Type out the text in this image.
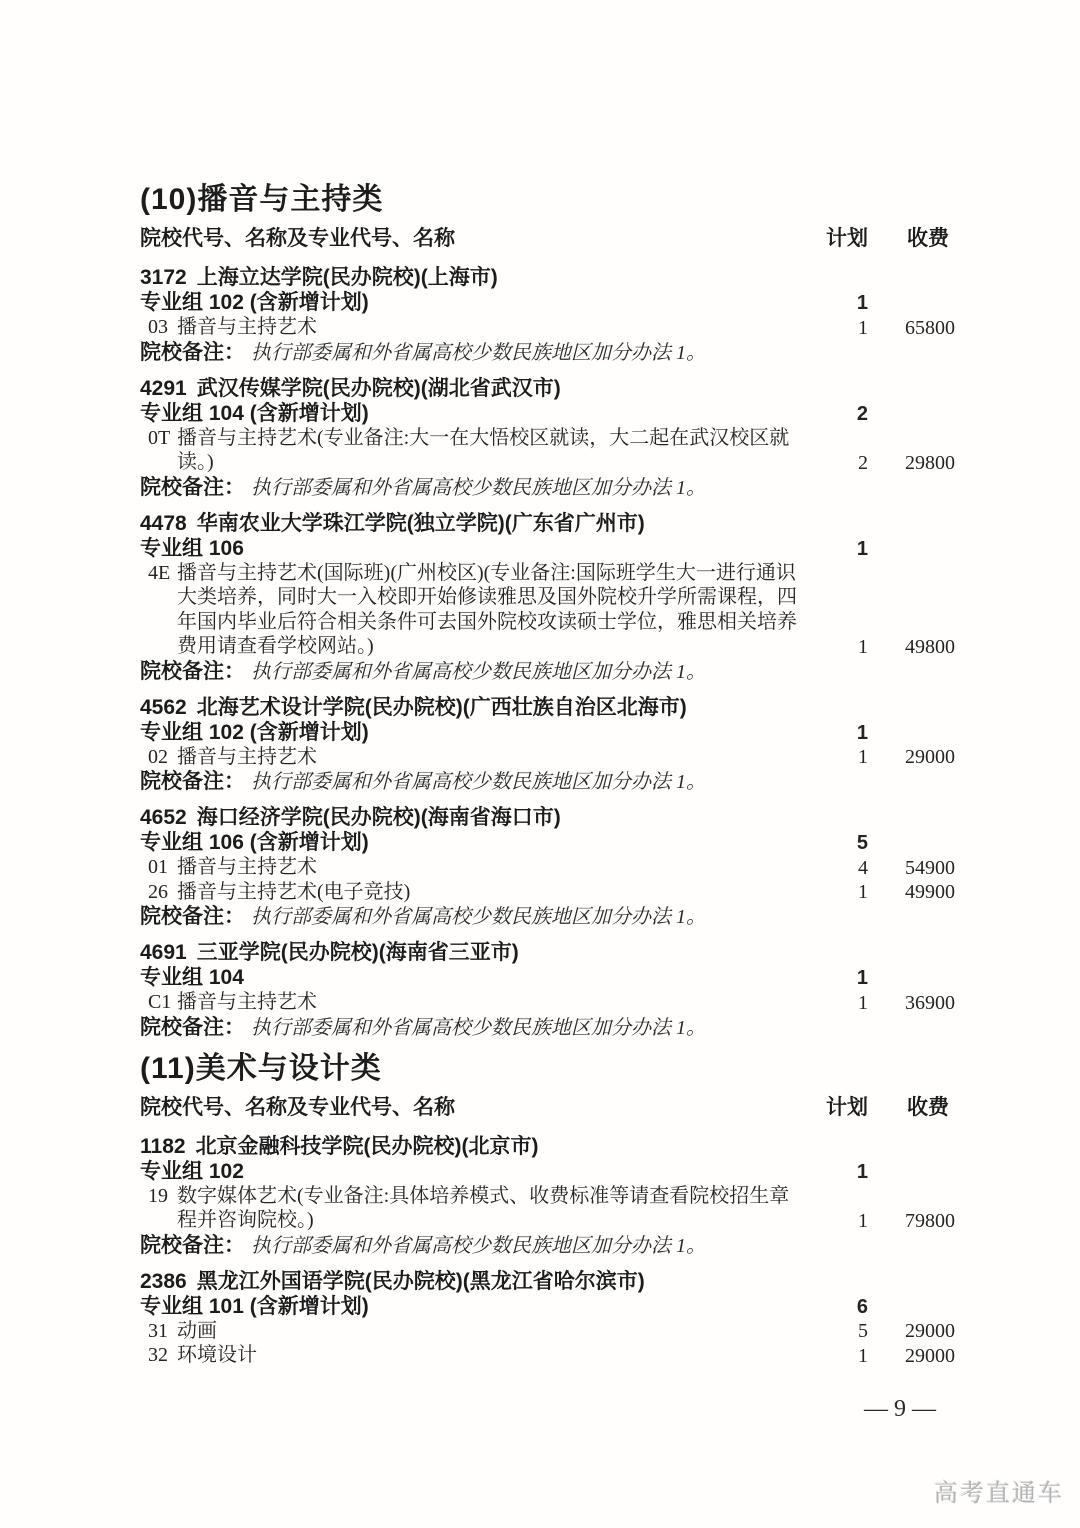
(10)播音与主持类
院校代号、名称及专业代号、名称	计划	收费
3172 上海立达学院(民办院校)(上海市)
专业组 102 (含新增计划)	1
03 播音与主持艺术	1	65800
院校备注： 执行部委属和外省属高校少数民族地区加分办法 1。
4291 武汉传媒学院(民办院校)(湖北省武汉市)
专业组 104 (含新增计划)	2
0T 播音与主持艺术(专业备注:大一在大悟校区就读，大二起在武汉校区就读。)	2	29800
院校备注： 执行部委属和外省属高校少数民族地区加分办法 1。
4478 华南农业大学珠江学院(独立学院)(广东省广州市)
专业组 106	1
4E 播音与主持艺术(国际班)(广州校区)(专业备注:国际班学生大一进行通识大类培养，同时大一入校即开始修读雅思及国外院校升学所需课程，四年国内毕业后符合相关条件可去国外院校攻读硕士学位，雅思相关培养费用请查看学校网站。)	1	49800
院校备注： 执行部委属和外省属高校少数民族地区加分办法 1。
4562 北海艺术设计学院(民办院校)(广西壮族自治区北海市)
专业组 102 (含新增计划)	1
02 播音与主持艺术	1	29000
院校备注： 执行部委属和外省属高校少数民族地区加分办法 1。
4652 海口经济学院(民办院校)(海南省海口市)
专业组 106 (含新增计划)	5
01 播音与主持艺术	4	54900
26 播音与主持艺术(电子竞技)	1	49900
院校备注： 执行部委属和外省属高校少数民族地区加分办法 1。
4691 三亚学院(民办院校)(海南省三亚市)
专业组 104	1
C1 播音与主持艺术	1	36900
院校备注： 执行部委属和外省属高校少数民族地区加分办法 1。
(11)美术与设计类
院校代号、名称及专业代号、名称	计划	收费
1182 北京金融科技学院(民办院校)(北京市)
专业组 102	1
19 数字媒体艺术(专业备注:具体培养模式、收费标准等请查看院校招生章程并咨询院校。)	1	79800
院校备注： 执行部委属和外省属高校少数民族地区加分办法 1。
2386 黑龙江外国语学院(民办院校)(黑龙江省哈尔滨市)
专业组 101 (含新增计划)	6
31 动画	5	29000
32 环境设计	1	29000
— 9 —
高考直通车
